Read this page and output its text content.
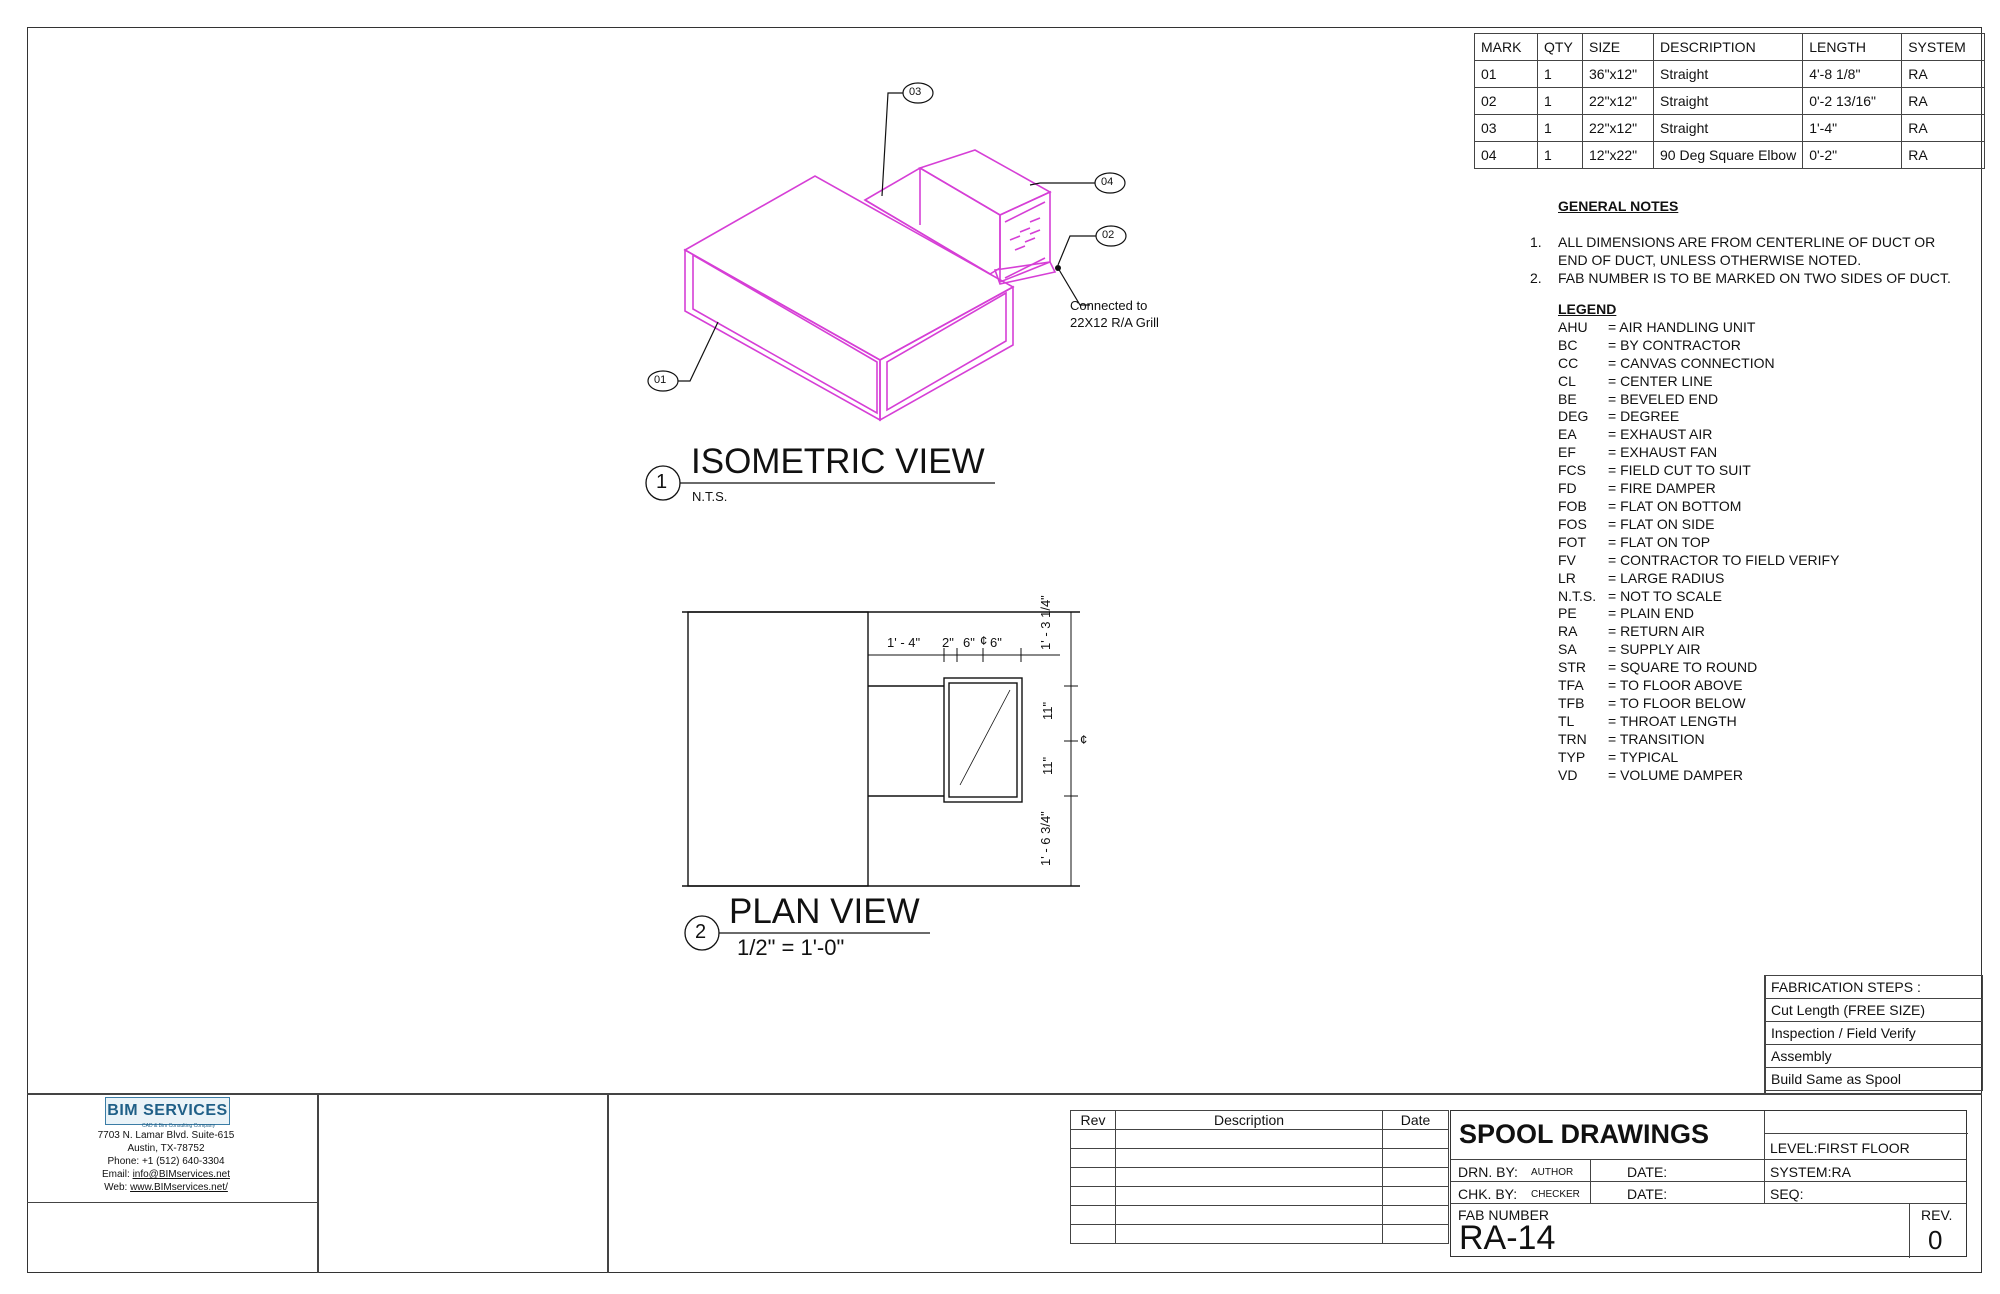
03
04
02
01
Connected to
22X12 R/A Grill
1
ISOMETRIC VIEW
N.T.S.
2
PLAN VIEW
1/2" = 1'-0"
1' - 4" 2" 6" ¢ 6"	1' - 3 1/4"
11"
11"
1' - 6 3/4"
¢
MARK	QTY	SIZE	DESCRIPTION	LENGTH	SYSTEM
01	1	36"x12"	Straight	4'-8 1/8"	RA
02	1	22"x12"	Straight	0'-2 13/16"	RA
03	1	22"x12"	Straight	1'-4"	RA
04	1	12"x22"	90 Deg Square Elbow	0'-2"	RA
GENERAL NOTES
1.	ALL DIMENSIONS ARE FROM CENTERLINE OF DUCT OR
END OF DUCT, UNLESS OTHERWISE NOTED.
2.	FAB NUMBER IS TO BE MARKED ON TWO SIDES OF DUCT.
LEGEND
AHU	= AIR HANDLING UNIT
BC	= BY CONTRACTOR
CC	= CANVAS CONNECTION
CL	= CENTER LINE
BE	= BEVELED END
DEG	= DEGREE
EA	= EXHAUST AIR
EF	= EXHAUST FAN
FCS	= FIELD CUT TO SUIT
FD	= FIRE DAMPER
FOB	= FLAT ON BOTTOM
FOS	= FLAT ON SIDE
FOT	= FLAT ON TOP
FV	= CONTRACTOR TO FIELD VERIFY
LR	= LARGE RADIUS
N.T.S. = NOT TO SCALE
PE	= PLAIN END
RA	= RETURN AIR
SA	= SUPPLY AIR
STR	= SQUARE TO ROUND
TFA	= TO FLOOR ABOVE
TFB	= TO FLOOR BELOW
TL	= THROAT LENGTH
TRN	= TRANSITION
TYP	= TYPICAL
VD	= VOLUME DAMPER
FABRICATION STEPS :
Cut Length (FREE SIZE)
Inspection / Field Verify
Assembly
Build Same as Spool
BIM SERVICES
CAD & Bim Consulting Company
7703 N. Lamar Blvd. Suite-615
Austin, TX-78752
Phone: +1 (512) 640-3304
Email: info@BIMservices.net
Web: www.BIMservices.net/
Rev	Description	Date

		SPOOL DRAWINGS	LEVEL:FIRST FLOOR
DRN. BY: AUTHOR	DATE:	SYSTEM:RA
CHK. BY: CHECKER	DATE:	SEQ:
FAB NUMBER
RA-14
REV.
0
